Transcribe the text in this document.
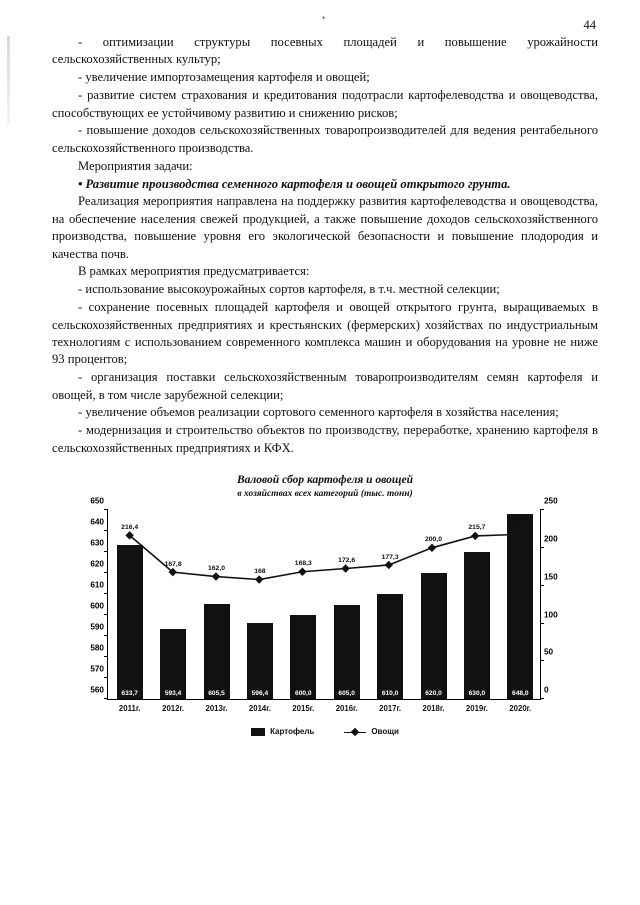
•	44

- оптимизации структуры посевных площадей и повышение урожайности сельскохозяйственных культур;

- увеличение импортозамещения картофеля и овощей;

- развитие систем страхования и кредитования подотрасли картофелеводства и овощеводства, способствующих ее устойчивому развитию и снижению рисков;

- повышение доходов сельскохозяйственных товаропроизводителей для ведения рентабельного сельскохозяйственного производства.

Мероприятия задачи:

• Развитие производства семенного картофеля и овощей открытого грунта.

Реализация мероприятия направлена на поддержку развития картофелеводства и овощеводства, на обеспечение населения свежей продукцией, а также повышение доходов сельскохозяйственного производства, повышение уровня его экологической безопасности и повышение плодородия и качества почв.

В рамках мероприятия предусматривается:

- использование высокоурожайных сортов картофеля, в т.ч. местной селекции;

- сохранение посевных площадей картофеля и овощей открытого грунта, выращиваемых в сельскохозяйственных предприятиях и крестьянских (фермерских) хозяйствах по индустриальным технологиям с использованием современного комплекса машин и оборудования на уровне не ниже 93 процентов;

- организация поставки сельскохозяйственным товаропроизводителям семян картофеля и овощей, в том числе зарубежной селекции;

- увеличение объемов реализации сортового семенного картофеля в хозяйства населения;

- модернизация и строительство объектов по производству, переработке, хранению картофеля в сельскохозяйственных предприятиях и КФХ.

Валовой сбор картофеля и овощей
в хозяйствах всех категорий (тыс. тонн)
560
570
580
590
600
610
620
630
640
650
0
50
100
150
200
250
633,7	593,4	605,5	596,4	600,0	605,0	610,0	620,0	630,0	648,0
2011г.	2012г.	2013г.	2014г.	2015г.	2016г.	2017г.	2018г.	2019г.	2020г.
216,4
167,8
162,0	168
168,3	172,6
177,3
200,0
215,7	217,7
Картофель	Овощи
